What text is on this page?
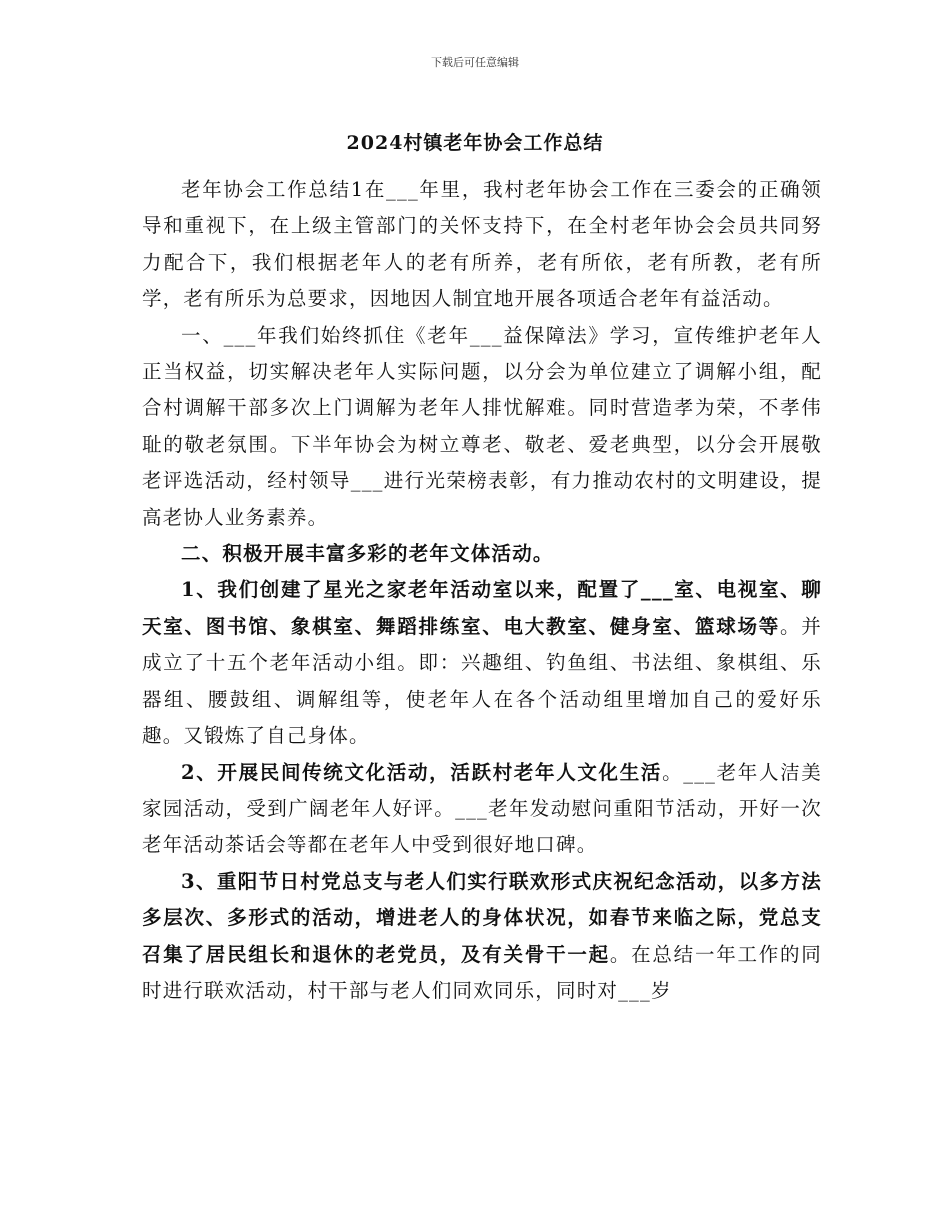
下载后可任意编辑
2024村镇老年协会工作总结

老年协会工作总结1在___年里，我村老年协会工作在三委会的正确领导和重视下，在上级主管部门的关怀支持下，在全村老年协会会员共同努力配合下，我们根据老年人的老有所养，老有所依，老有所教，老有所学，老有所乐为总要求，因地因人制宜地开展各项适合老年有益活动。

一、___年我们始终抓住《老年___益保障法》学习，宣传维护老年人正当权益，切实解决老年人实际问题，以分会为单位建立了调解小组，配合村调解干部多次上门调解为老年人排忧解难。同时营造孝为荣，不孝伟耻的敬老氛围。下半年协会为树立尊老、敬老、爱老典型，以分会开展敬老评选活动，经村领导___进行光荣榜表彰，有力推动农村的文明建设，提高老协人业务素养。

二、积极开展丰富多彩的老年文体活动。

1、我们创建了星光之家老年活动室以来，配置了___室、电视室、聊天室、图书馆、象棋室、舞蹈排练室、电大教室、健身室、篮球场等。并成立了十五个老年活动小组。即：兴趣组、钓鱼组、书法组、象棋组、乐器组、腰鼓组、调解组等，使老年人在各个活动组里增加自己的爱好乐趣。又锻炼了自己身体。

2、开展民间传统文化活动，活跃村老年人文化生活。___老年人洁美家园活动，受到广阔老年人好评。___老年发动慰问重阳节活动，开好一次老年活动茶话会等都在老年人中受到很好地口碑。

3、重阳节日村党总支与老人们实行联欢形式庆祝纪念活动，以多方法多层次、多形式的活动，增进老人的身体状况，如春节来临之际，党总支召集了居民组长和退休的老党员，及有关骨干一起。在总结一年工作的同时进行联欢活动，村干部与老人们同欢同乐，同时对___岁
